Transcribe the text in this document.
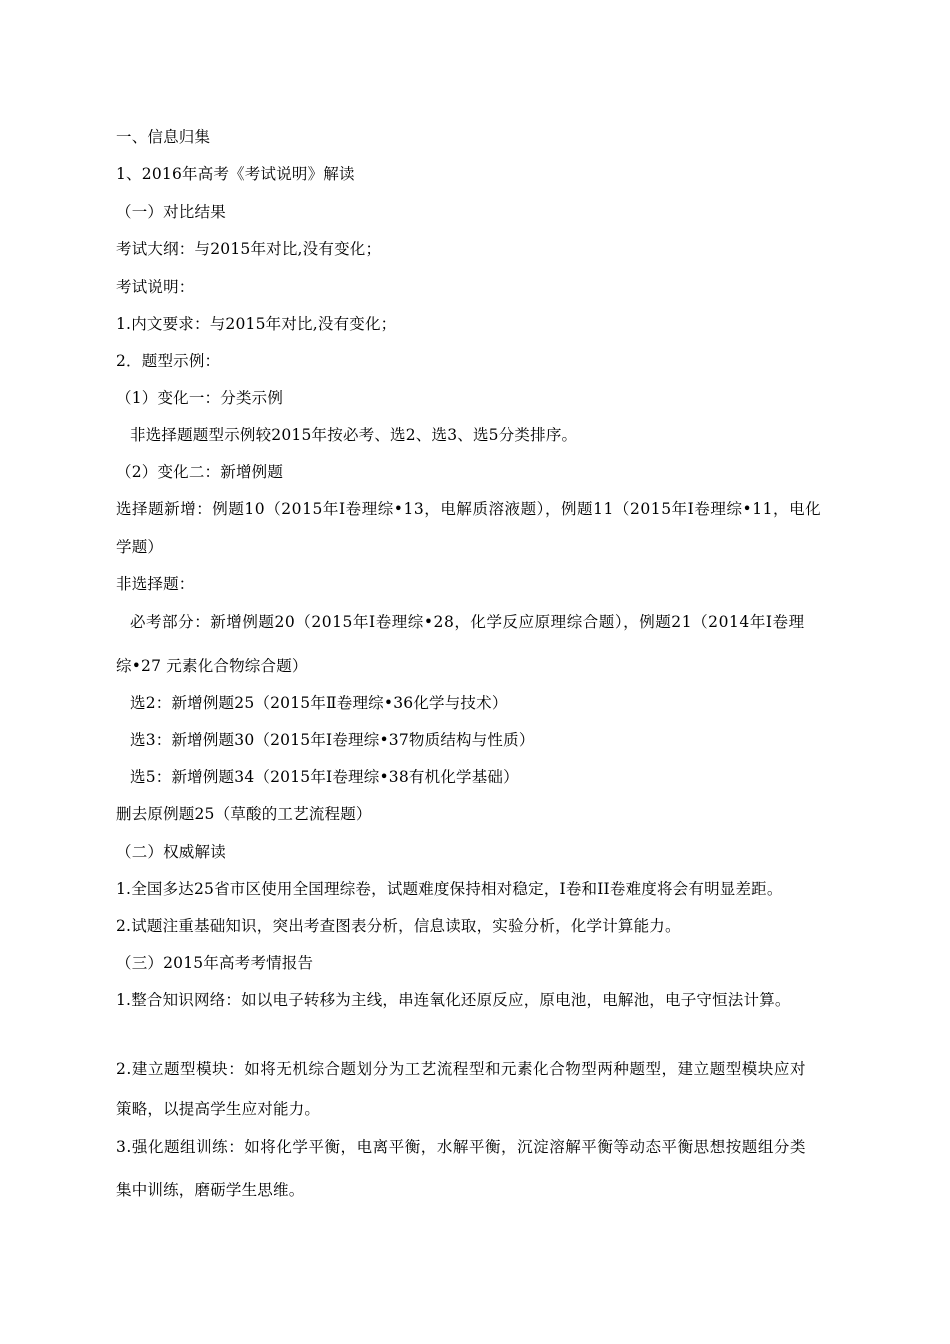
一、信息归集
1、2016年高考《考试说明》解读
（一）对比结果
考试大纲：与2015年对比,没有变化；
考试说明：
1.内文要求：与2015年对比,没有变化；
2．题型示例：
（1）变化一：分类示例
非选择题题型示例较2015年按必考、选2、选3、选5分类排序。
（2）变化二：新增例题
选择题新增：例题10（2015年Ⅰ卷理综•13，电解质溶液题），例题11（2015年Ⅰ卷理综•11，电化
学题）
非选择题：
必考部分：新增例题20（2015年Ⅰ卷理综•28，化学反应原理综合题），例题21（2014年Ⅰ卷理
综•27 元素化合物综合题）
选2：新增例题25（2015年Ⅱ卷理综•36化学与技术）
选3：新增例题30（2015年Ⅰ卷理综•37物质结构与性质）
选5：新增例题34（2015年Ⅰ卷理综•38有机化学基础）
删去原例题25（草酸的工艺流程题）
（二）权威解读
1.全国多达25省市区使用全国理综卷，试题难度保持相对稳定，I卷和II卷难度将会有明显差距。
2.试题注重基础知识，突出考查图表分析，信息读取，实验分析，化学计算能力。
（三）2015年高考考情报告
1.整合知识网络：如以电子转移为主线，串连氧化还原反应，原电池，电解池，电子守恒法计算。
2.建立题型模块：如将无机综合题划分为工艺流程型和元素化合物型两种题型，建立题型模块应对
策略，以提高学生应对能力。
3.强化题组训练：如将化学平衡，电离平衡，水解平衡，沉淀溶解平衡等动态平衡思想按题组分类
集中训练，磨砺学生思维。
